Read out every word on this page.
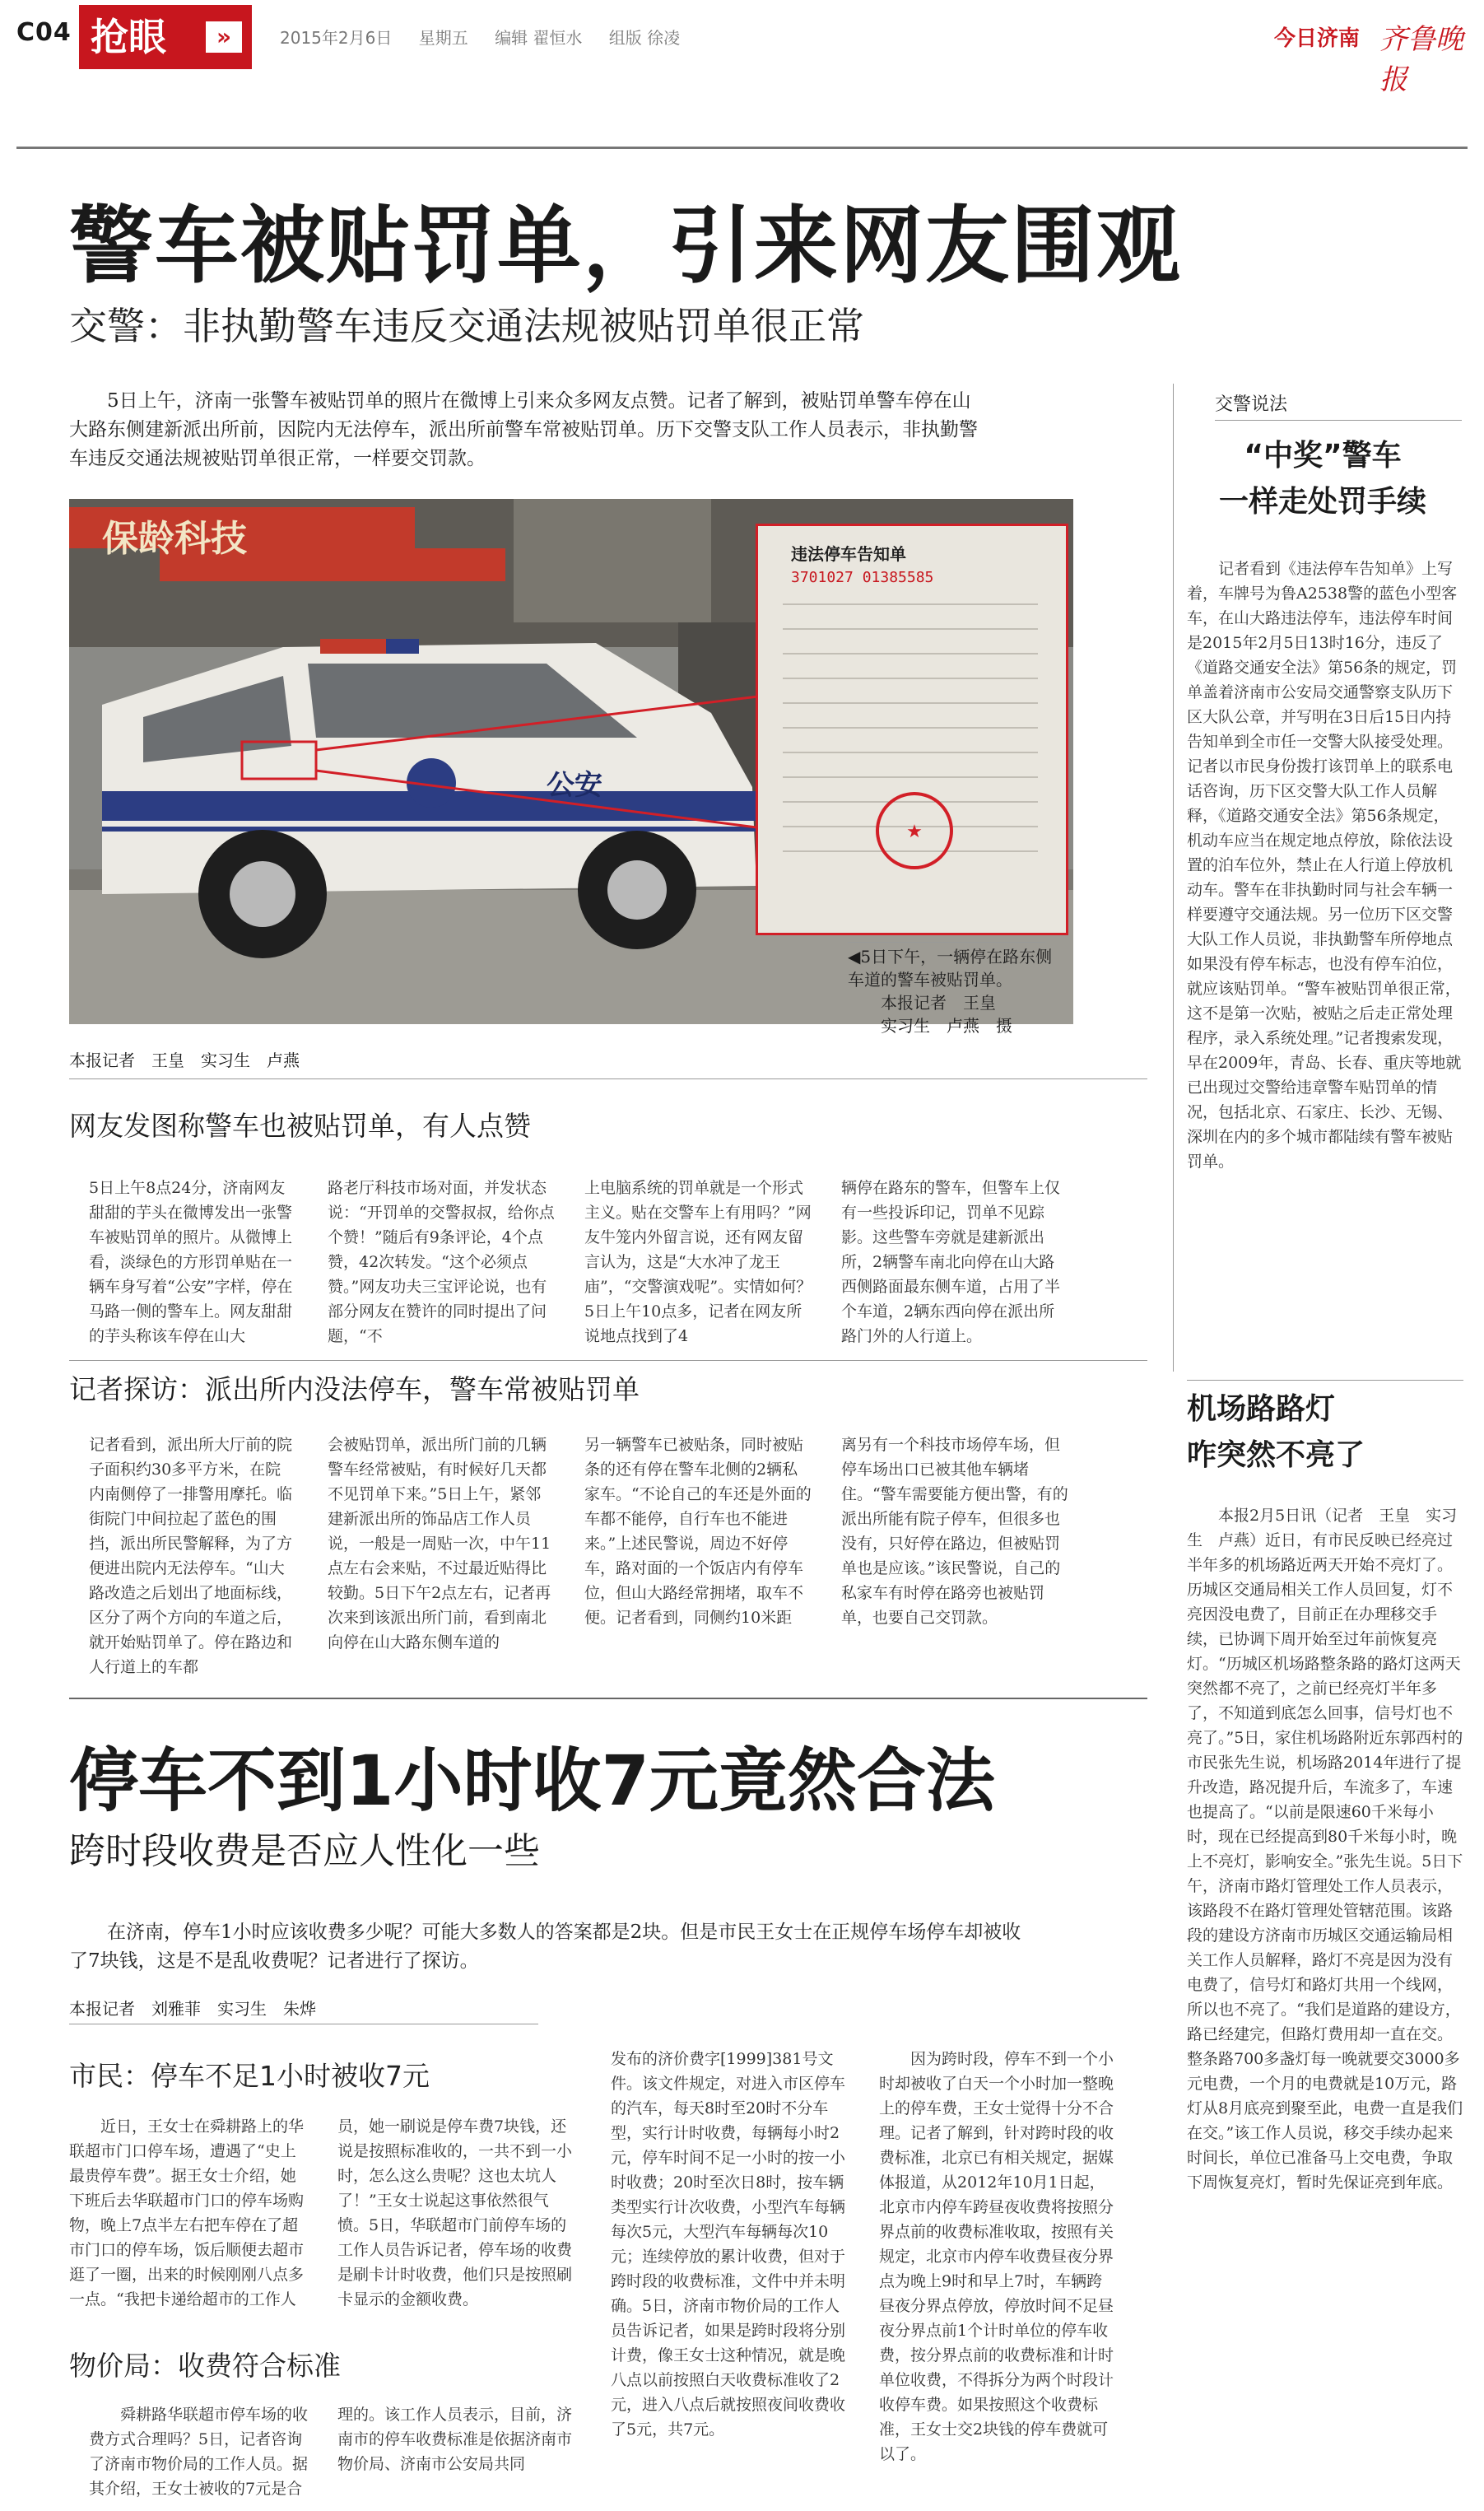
C04 抢眼	»	2015年2月6日 星期五 编辑 翟恒水 组版 徐凌	今日济南 齐鲁晚报
警车被贴罚单，引来网友围观
交警：非执勤警车违反交通法规被贴罚单很正常
5日上午，济南一张警车被贴罚单的照片在微博上引来众多网友点赞。记者了解到，被贴罚单警车停在山大路东侧建新派出所前，因院内无法停车，派出所前警车常被贴罚单。历下交警支队工作人员表示，非执勤警车违反交通法规被贴罚单很正常，一样要交罚款。
公安
保龄科技	违法停车告知单
3701027 01385585
★
◀5日下午，一辆停在路东侧车道的警车被贴罚单。
本报记者　王皇
实习生　卢燕　摄
本报记者　王皇　实习生　卢燕
网友发图称警车也被贴罚单，有人点赞
5日上午8点24分，济南网友甜甜的芋头在微博发出一张警车被贴罚单的照片。从微博上看，淡绿色的方形罚单贴在一辆车身写着“公安”字样，停在马路一侧的警车上。网友甜甜的芋头称该车停在山大
路老厅科技市场对面，并发状态说：“开罚单的交警叔叔，给你点个赞！”随后有9条评论，4个点赞，42次转发。“这个必须点赞。”网友功夫三宝评论说，也有部分网友在赞许的同时提出了问题，“不
上电脑系统的罚单就是一个形式主义。贴在交警车上有用吗？”网友牛笼内外留言说，还有网友留言认为，这是“大水冲了龙王庙”，“交警演戏呢”。实情如何？5日上午10点多，记者在网友所说地点找到了4
辆停在路东的警车，但警车上仅有一些投诉印记，罚单不见踪影。这些警车旁就是建新派出所，2辆警车南北向停在山大路西侧路面最东侧车道，占用了半个车道，2辆东西向停在派出所路门外的人行道上。
记者探访：派出所内没法停车，警车常被贴罚单
记者看到，派出所大厅前的院子面积约30多平方米，在院内南侧停了一排警用摩托。临街院门中间拉起了蓝色的围挡，派出所民警解释，为了方便进出院内无法停车。“山大路改造之后划出了地面标线，区分了两个方向的车道之后，就开始贴罚单了。停在路边和人行道上的车都
会被贴罚单，派出所门前的几辆警车经常被贴，有时候好几天都不见罚单下来。”5日上午，紧邻建新派出所的饰品店工作人员说，一般是一周贴一次，中午11点左右会来贴，不过最近贴得比较勤。5日下午2点左右，记者再次来到该派出所门前，看到南北向停在山大路东侧车道的
另一辆警车已被贴条，同时被贴条的还有停在警车北侧的2辆私家车。“不论自己的车还是外面的车都不能停，自行车也不能进来。”上述民警说，周边不好停车，路对面的一个饭店内有停车位，但山大路经常拥堵，取车不便。记者看到，同侧约10米距
离另有一个科技市场停车场，但停车场出口已被其他车辆堵住。“警车需要能方便出警，有的派出所能有院子停车，但很多也没有，只好停在路边，但被贴罚单也是应该。”该民警说，自己的私家车有时停在路旁也被贴罚单，也要自己交罚款。
交警说法
“中奖”警车
一样走处罚手续
记者看到《违法停车告知单》上写着，车牌号为鲁A2538警的蓝色小型客车，在山大路违法停车，违法停车时间是2015年2月5日13时16分，违反了《道路交通安全法》第56条的规定，罚单盖着济南市公安局交通警察支队历下区大队公章，并写明在3日后15日内持告知单到全市任一交警大队接受处理。记者以市民身份拨打该罚单上的联系电话咨询，历下区交警大队工作人员解释，《道路交通安全法》第56条规定，机动车应当在规定地点停放，除依法设置的泊车位外，禁止在人行道上停放机动车。警车在非执勤时同与社会车辆一样要遵守交通法规。另一位历下区交警大队工作人员说，非执勤警车所停地点如果没有停车标志，也没有停车泊位，就应该贴罚单。“警车被贴罚单很正常，这不是第一次贴，被贴之后走正常处理程序，录入系统处理。”记者搜索发现，早在2009年，青岛、长春、重庆等地就已出现过交警给违章警车贴罚单的情况，包括北京、石家庄、长沙、无锡、深圳在内的多个城市都陆续有警车被贴罚单。
机场路路灯
咋突然不亮了
本报2月5日讯（记者　王皇　实习生　卢燕）近日，有市民反映已经亮过半年多的机场路近两天开始不亮灯了。历城区交通局相关工作人员回复，灯不亮因没电费了，目前正在办理移交手续，已协调下周开始至过年前恢复亮灯。“历城区机场路整条路的路灯这两天突然都不亮了，之前已经亮灯半年多了，不知道到底怎么回事，信号灯也不亮了。”5日，家住机场路附近东郭西村的市民张先生说，机场路2014年进行了提升改造，路况提升后，车流多了，车速也提高了。“以前是限速60千米每小时，现在已经提高到80千米每小时，晚上不亮灯，影响安全。”张先生说。5日下午，济南市路灯管理处工作人员表示，该路段不在路灯管理处管辖范围。该路段的建设方济南市历城区交通运输局相关工作人员解释，路灯不亮是因为没有电费了，信号灯和路灯共用一个线网，所以也不亮了。“我们是道路的建设方，路已经建完，但路灯费用却一直在交。整条路700多盏灯每一晚就要交3000多元电费，一个月的电费就是10万元，路灯从8月底亮到聚至此，电费一直是我们在交。”该工作人员说，移交手续办起来时间长，单位已准备马上交电费，争取下周恢复亮灯，暂时先保证亮到年底。
停车不到1小时收7元竟然合法
跨时段收费是否应人性化一些
在济南，停车1小时应该收费多少呢？可能大多数人的答案都是2块。但是市民王女士在正规停车场停车却被收了7块钱，这是不是乱收费呢？记者进行了探访。
本报记者　刘雅菲　实习生　朱烨
市民：停车不足1小时被收7元
近日，王女士在舜耕路上的华联超市门口停车场，遭遇了“史上最贵停车费”。据王女士介绍，她下班后去华联超市门口的停车场购物，晚上7点半左右把车停在了超市门口的停车场，饭后顺便去超市逛了一圈，出来的时候刚刚八点多一点。“我把卡递给超市的工作人
员，她一刷说是停车费7块钱，还说是按照标准收的，一共不到一小时，怎么这么贵呢？这也太坑人了！”王女士说起这事依然很气愤。5日，华联超市门前停车场的工作人员告诉记者，停车场的收费是刷卡计时收费，他们只是按照刷卡显示的金额收费。
物价局：收费符合标准
舜耕路华联超市停车场的收费方式合理吗？5日，记者咨询了济南市物价局的工作人员。据其介绍，王女士被收的7元是合
理的。该工作人员表示，目前，济南市的停车收费标准是依据济南市物价局、济南市公安局共同
发布的济价费字[1999]381号文件。该文件规定，对进入市区停车的汽车，每天8时至20时不分车型，实行计时收费，每辆每小时2元，停车时间不足一小时的按一小时收费；20时至次日8时，按车辆类型实行计次收费，小型汽车每辆每次5元，大型汽车每辆每次10元；连续停放的累计收费，但对于跨时段的收费标准，文件中并未明确。5日，济南市物价局的工作人员告诉记者，如果是跨时段将分别计费，像王女士这种情况，就是晚八点以前按照白天收费标准收了2元，进入八点后就按照夜间收费收了5元，共7元。
因为跨时段，停车不到一个小时却被收了白天一个小时加一整晚上的停车费，王女士觉得十分不合理。记者了解到，针对跨时段的收费标准，北京已有相关规定，据媒体报道，从2012年10月1日起，北京市内停车跨昼夜收费将按照分界点前的收费标准收取，按照有关规定，北京市内停车收费昼夜分界点为晚上9时和早上7时，车辆跨昼夜分界点停放，停放时间不足昼夜分界点前1个计时单位的停车收费，按分界点前的收费标准和计时单位收费，不得拆分为两个时段计收停车费。如果按照这个收费标准，王女士交2块钱的停车费就可以了。
